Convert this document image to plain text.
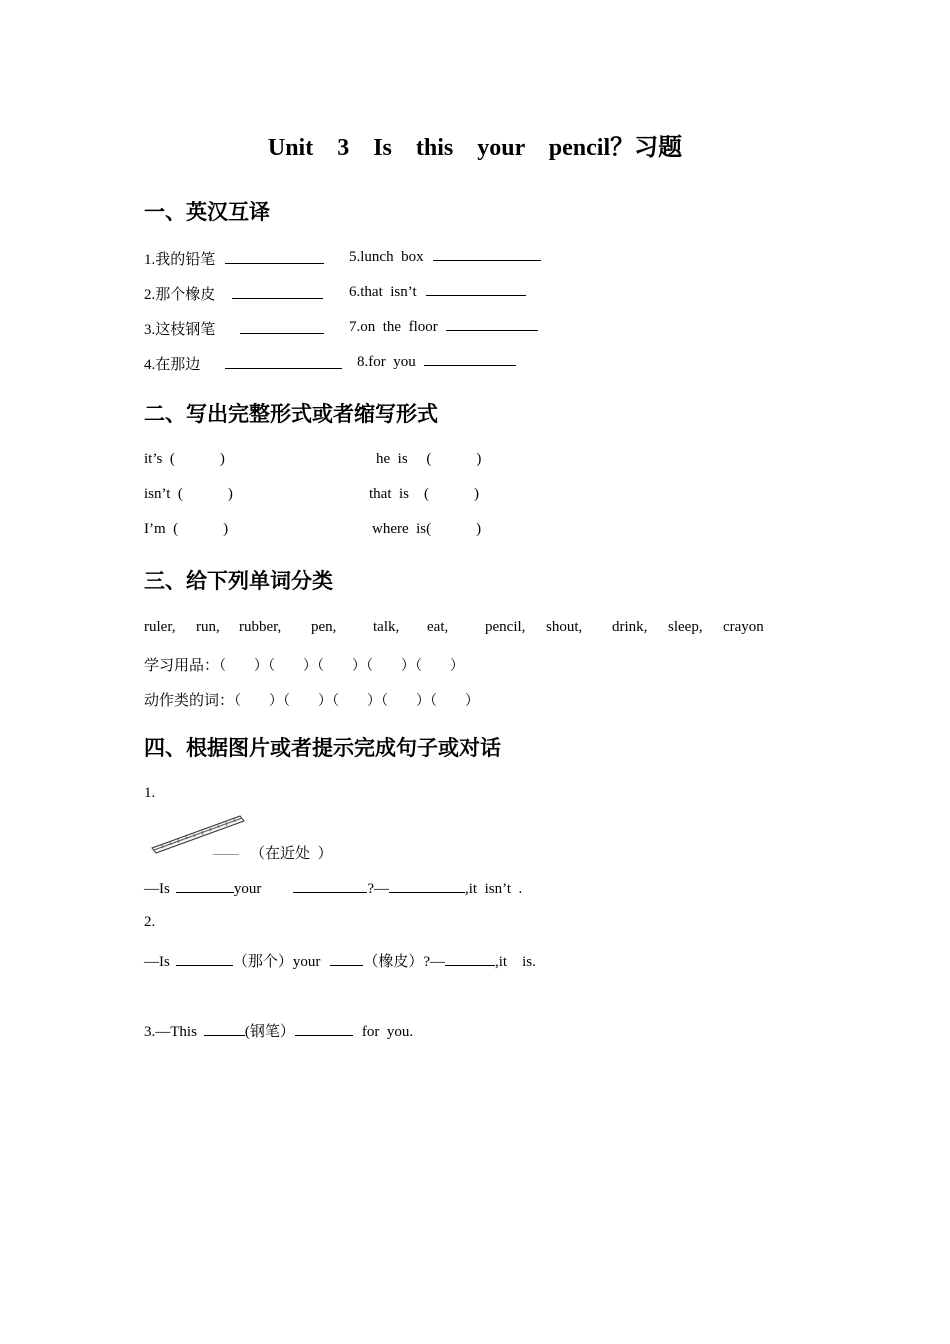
Unit  3  Is  this  your  pencil？习题
一、英汉互译
1.我的铅笔	5.lunch  box
2.那个橡皮	6.that  isn’t
3.这枝钢笔	7.on  the  floor
4.在那边	8.for  you
二、写出完整形式或者缩写形式
it’s  (            )	he  is     (            )
isn’t  (            )	that  is    (            )
I’m  (            )	where  is(            )
三、给下列单词分类
ruler, run, rubber, pen, talk, eat, pencil, shout, drink, sleep, crayon
学习用品：（        ）（        ）（        ）（        ）（        ）
动作类的词：（        ）（        ）（        ）（        ）（        ）
四、根据图片或者提示完成句子或对话
1.
（在近处  ）
—Is	your	?—	,it  isn’t  .
2.
—Is	（那个）your	（橡皮）?—	,it    is.
3.—This	(钢笔）	for  you.
